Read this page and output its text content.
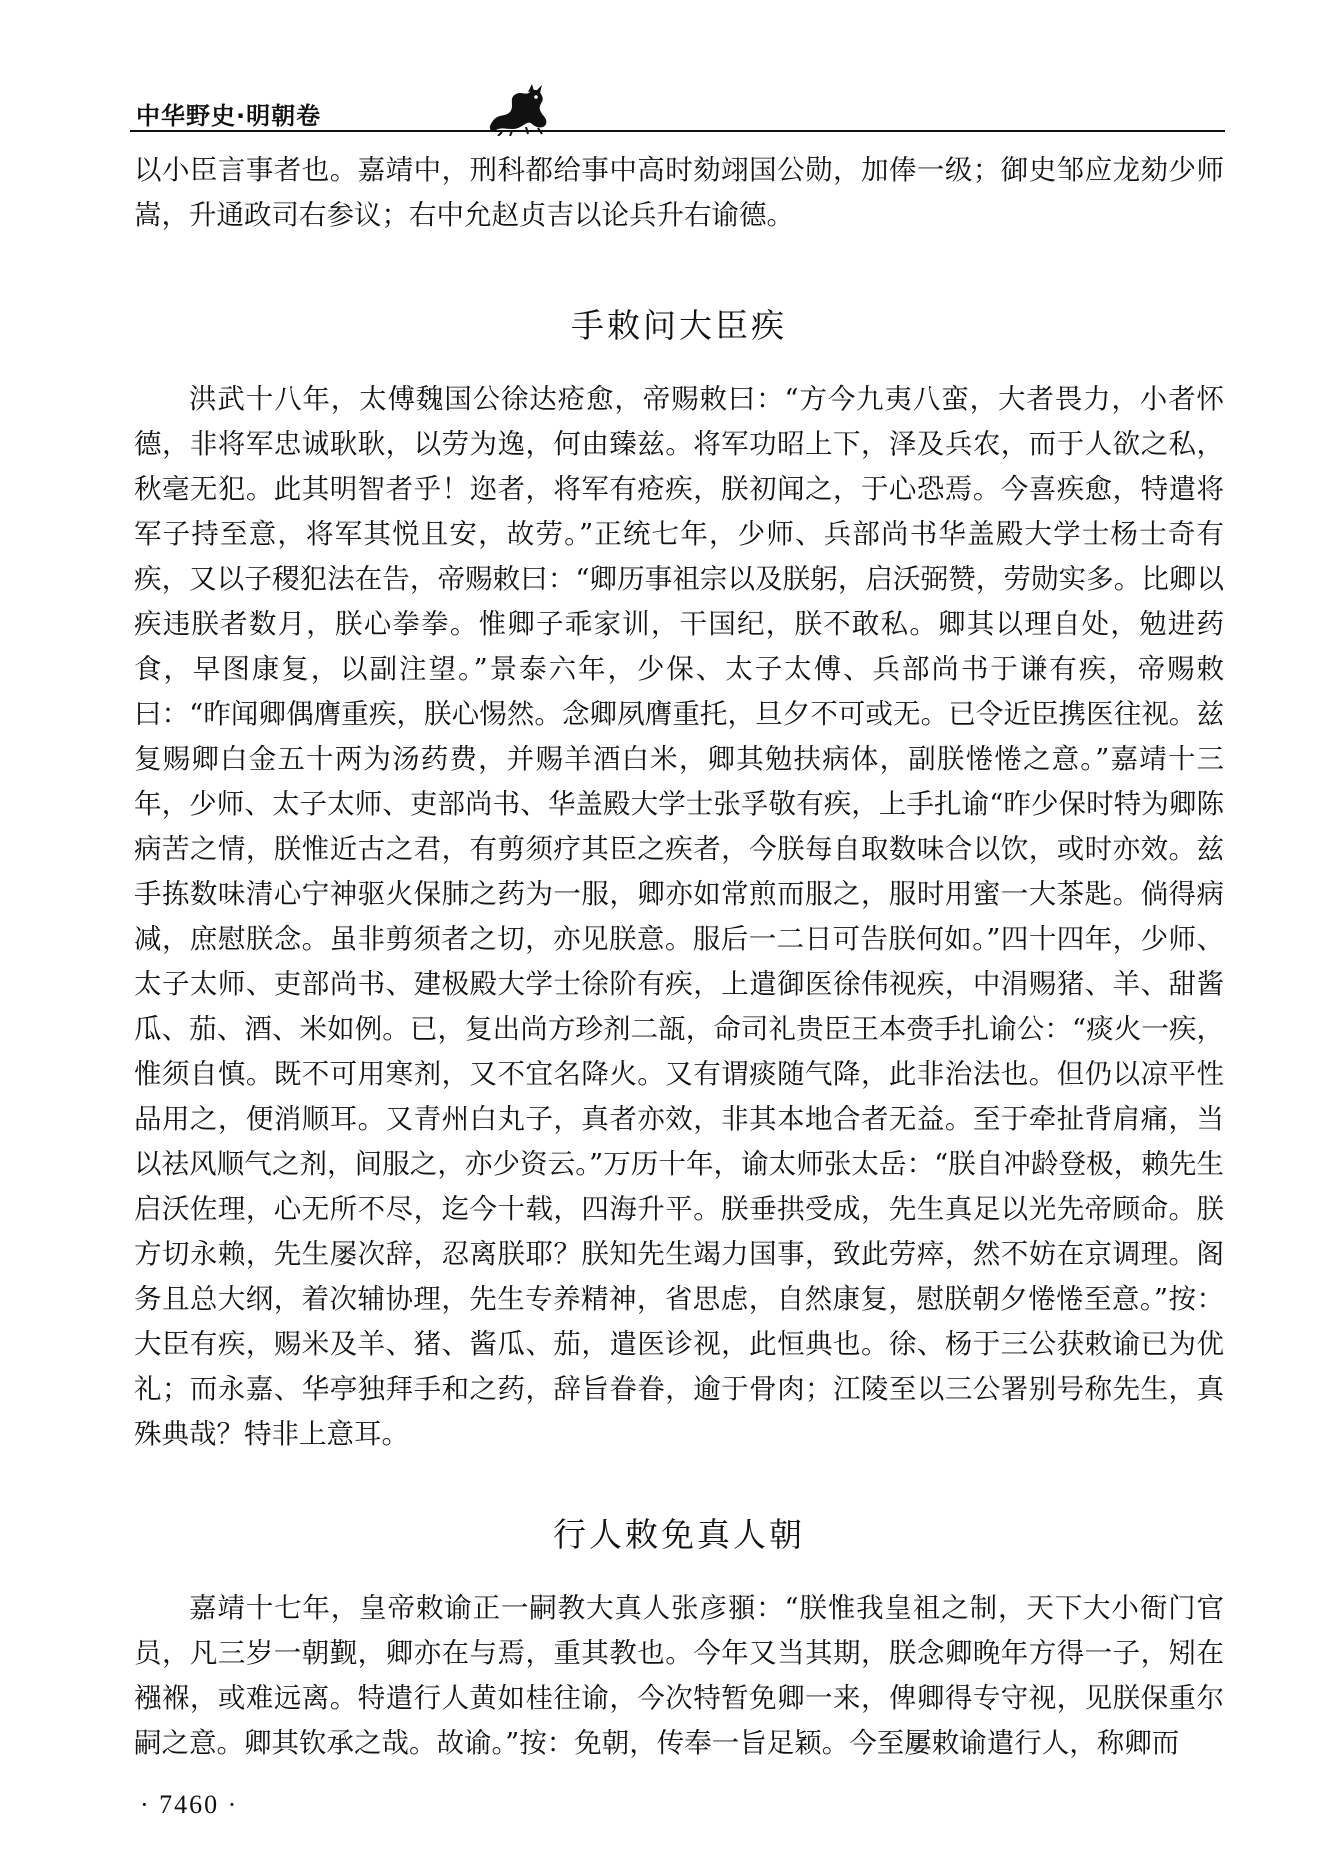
中华野史·明朝卷

以小臣言事者也。嘉靖中，刑科都给事中高时劾翊国公勋，加俸一级；御史邹应龙劾少师嵩，升通政司右参议；右中允赵贞吉以论兵升右谕德。

手敕问大臣疾

洪武十八年，太傅魏国公徐达疮愈，帝赐敕曰：“方今九夷八蛮，大者畏力，小者怀德，非将军忠诚耿耿，以劳为逸，何由臻兹。将军功昭上下，泽及兵农，而于人欲之私，秋毫无犯。此其明智者乎！迩者，将军有疮疾，朕初闻之，于心恐焉。今喜疾愈，特遣将军子持至意，将军其悦且安，故劳。”正统七年，少师、兵部尚书华盖殿大学士杨士奇有疾，又以子稷犯法在告，帝赐敕曰：“卿历事祖宗以及朕躬，启沃弼赞，劳勋实多。比卿以疾违朕者数月，朕心拳拳。惟卿子乖家训，干国纪，朕不敢私。卿其以理自处，勉进药食，早图康复，以副注望。”景泰六年，少保、太子太傅、兵部尚书于谦有疾，帝赐敕曰：“昨闻卿偶膺重疾，朕心惕然。念卿夙膺重托，旦夕不可或无。已令近臣携医往视。兹复赐卿白金五十两为汤药费，并赐羊酒白米，卿其勉扶病体，副朕惓惓之意。”嘉靖十三年，少师、太子太师、吏部尚书、华盖殿大学士张孚敬有疾，上手扎谕“昨少保时特为卿陈病苦之情，朕惟近古之君，有剪须疗其臣之疾者，今朕每自取数味合以饮，或时亦效。兹手拣数味清心宁神驱火保肺之药为一服，卿亦如常煎而服之，服时用蜜一大茶匙。倘得病减，庶慰朕念。虽非剪须者之切，亦见朕意。服后一二日可告朕何如。”四十四年，少师、太子太师、吏部尚书、建极殿大学士徐阶有疾，上遣御医徐伟视疾，中涓赐猪、羊、甜酱瓜、茄、酒、米如例。已，复出尚方珍剂二瓿，命司礼贵臣王本赍手扎谕公：“痰火一疾，惟须自慎。既不可用寒剂，又不宜名降火。又有谓痰随气降，此非治法也。但仍以凉平性品用之，便消顺耳。又青州白丸子，真者亦效，非其本地合者无益。至于牵扯背肩痛，当以祛风顺气之剂，间服之，亦少资云。”万历十年，谕太师张太岳：“朕自冲龄登极，赖先生启沃佐理，心无所不尽，迄今十载，四海升平。朕垂拱受成，先生真足以光先帝顾命。朕方切永赖，先生屡次辞，忍离朕耶？朕知先生竭力国事，致此劳瘁，然不妨在京调理。阁务且总大纲，着次辅协理，先生专养精神，省思虑，自然康复，慰朕朝夕惓惓至意。”按：大臣有疾，赐米及羊、猪、酱瓜、茄，遣医诊视，此恒典也。徐、杨于三公获敕谕已为优礼；而永嘉、华亭独拜手和之药，辞旨眷眷，逾于骨肉；江陵至以三公署别号称先生，真殊典哉？特非上意耳。

行人敕免真人朝

嘉靖十七年，皇帝敕谕正一嗣教大真人张彦頨：“朕惟我皇祖之制，天下大小衙门官员，凡三岁一朝觐，卿亦在与焉，重其教也。今年又当其期，朕念卿晚年方得一子，矧在襁褓，或难远离。特遣行人黄如桂往谕，今次特暂免卿一来，俾卿得专守视，见朕保重尔嗣之意。卿其钦承之哉。故谕。”按：免朝，传奉一旨足颖。今至屢敕谕遣行人，称卿而

· 7460 ·
